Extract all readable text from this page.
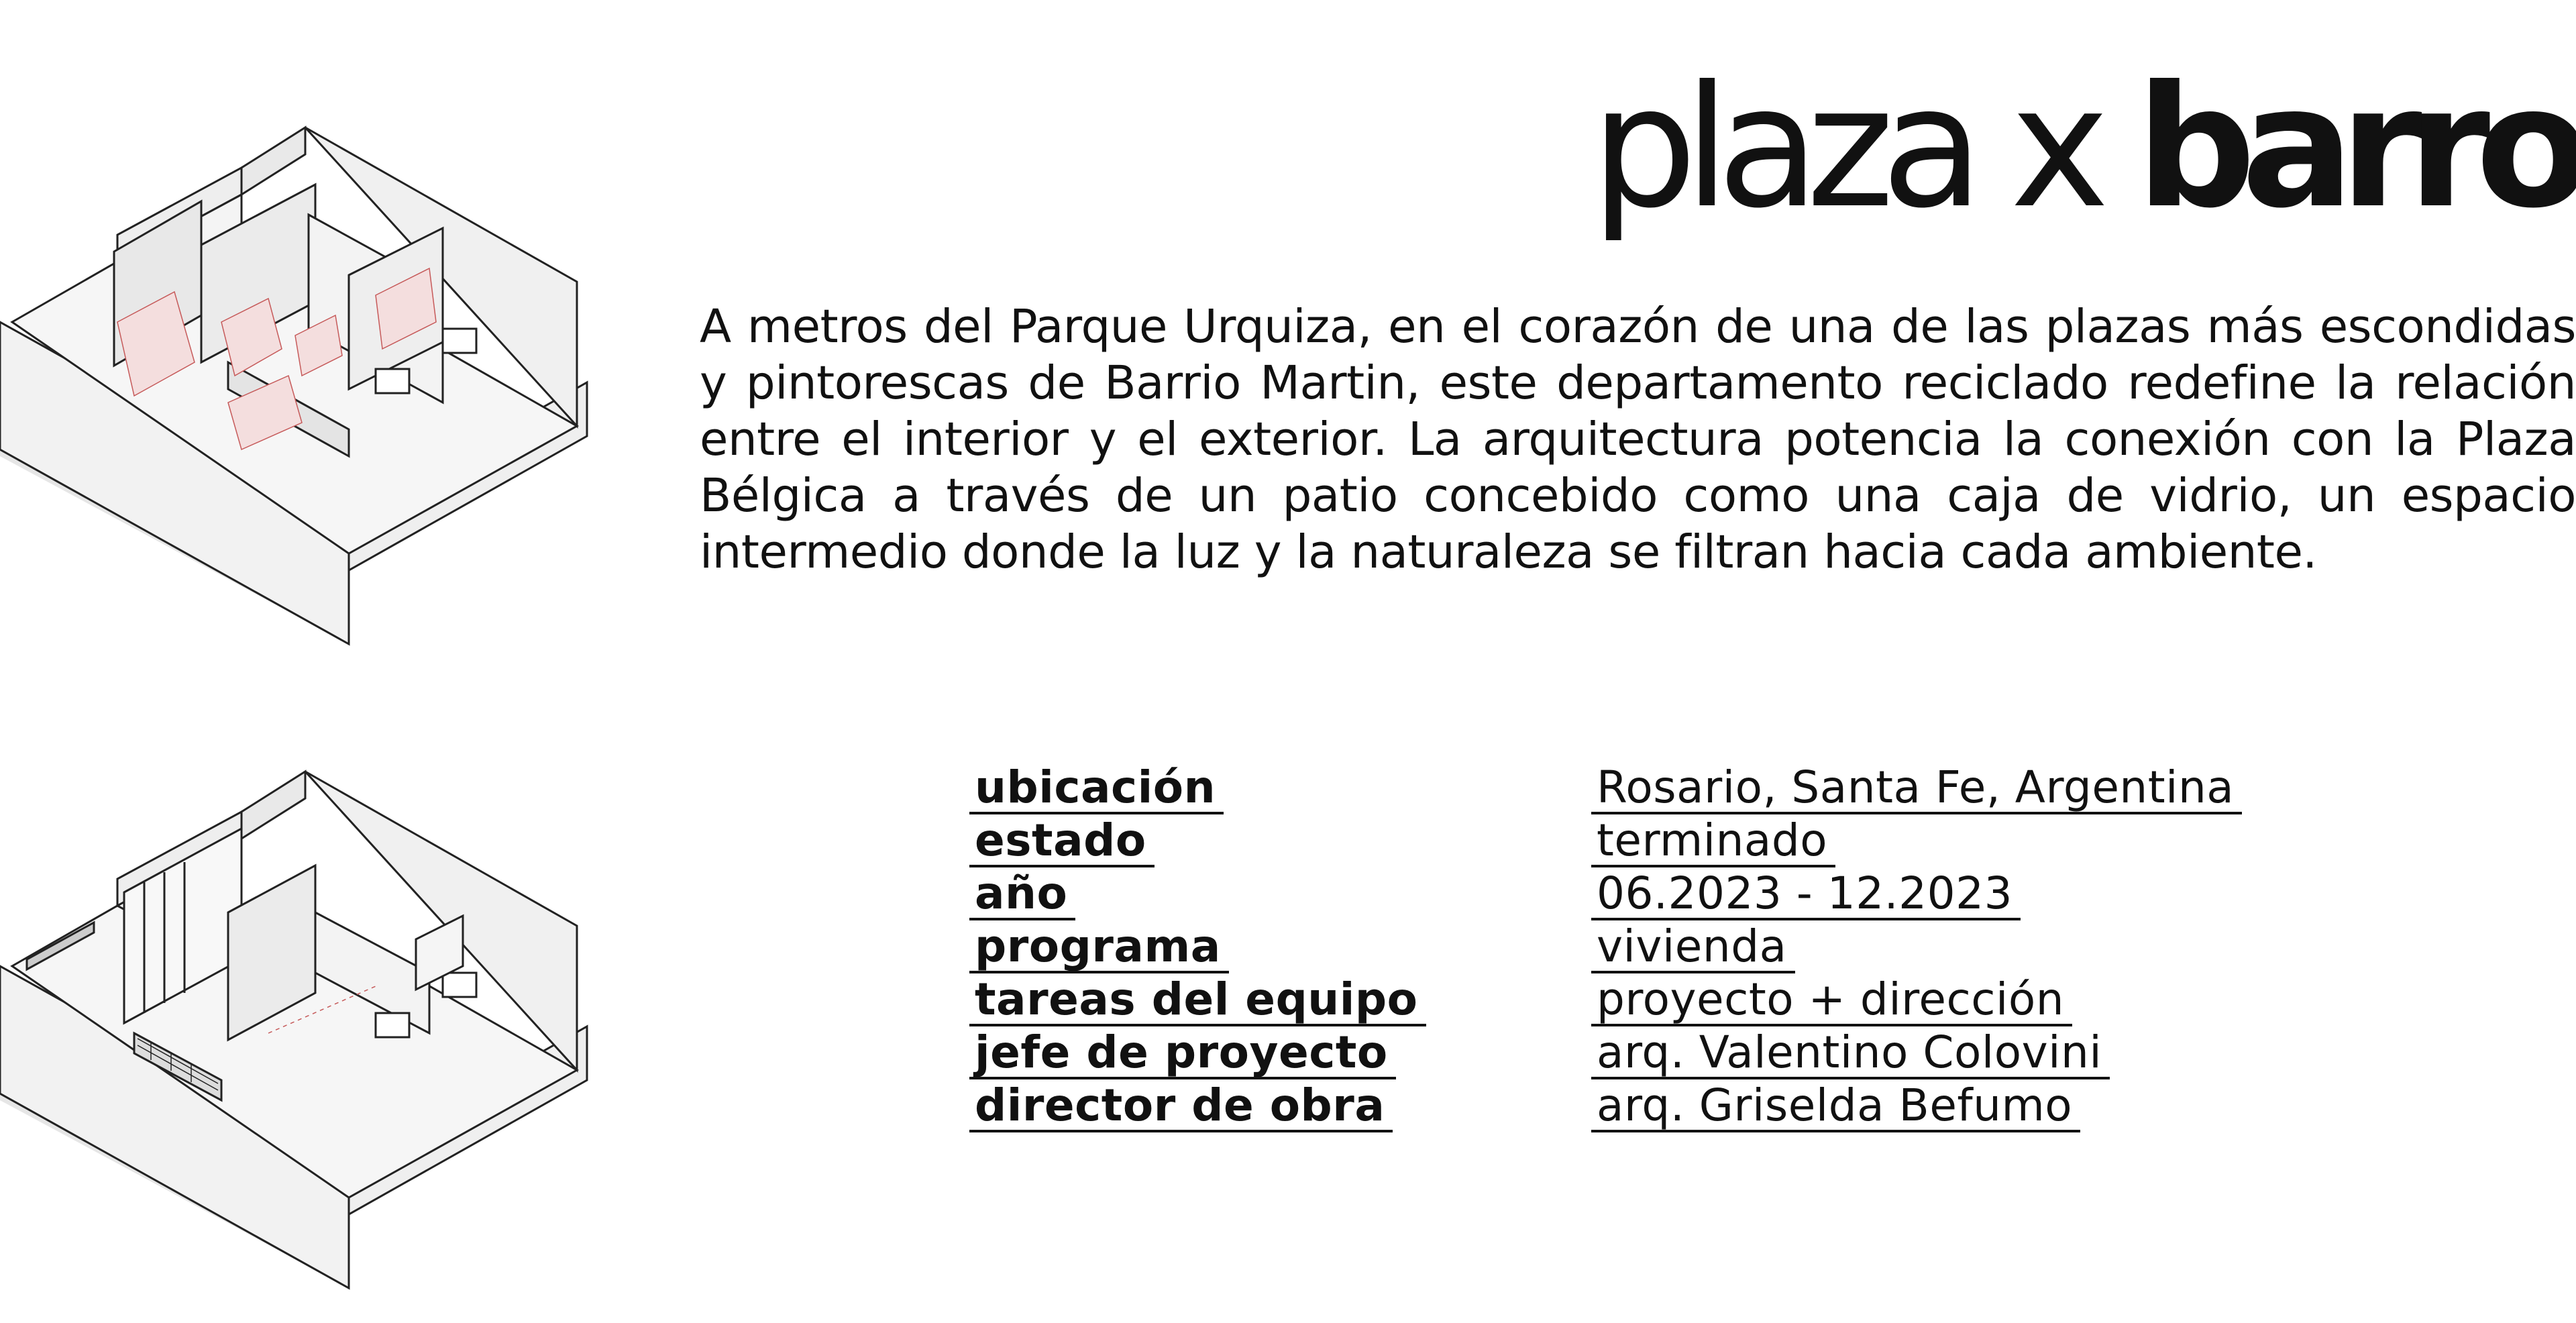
plaza x barro

A metros del Parque Urquiza, en el corazón de una de las plazas más escondidas y pintorescas de Barrio Martin, este departamento reciclado redefine la relación entre el interior y el exterior. La arquitectura potencia la conexión con la Plaza Bélgica a través de un patio concebido como una caja de vidrio, un espacio intermedio donde la luz y la naturaleza se filtran hacia cada ambiente.

ubicación	Rosario, Santa Fe, Argentina
estado	terminado
año	06.2023 - 12.2023
programa	vivienda
tareas del equipo	proyecto + dirección
jefe de proyecto	arq. Valentino Colovini
director de obra	arq. Griselda Befumo
